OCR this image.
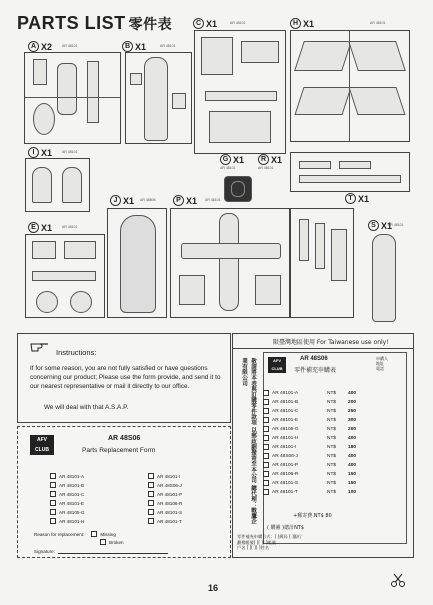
PARTS LIST 零件表
A X2	AR 48101	B X1	AR 48101
C X1	AR 48101	H X1	AR 48101
I X1	AR 48101
G X1
AR 48101
R X1
AR 48101
J X1 AR 48806	P X1 AR 48101	T X1
E X1	AR 48101	S X1
AR 48101
Instructions:
If for some reason, you are not fully satisfied or have questions concerning our product; Please use the form provide, and send it to our nearest representative or mail it directly to our office.
We will deal with that A.S.A.P.
AFV CLUB
AR 48S06
Parts Replacement Form
AR 48101-A
AR 48101-B
AR 48101-C
AR 48101-E
AR 48105-G
AR 48101-H
AR 48101-I
AR 48S06-J
AR 48101-P
AR 48106-R
AR 48101-S
AR 48101-T
Reason for replacement:	Missing
Broken
Signature:
限臺灣地區使用 For Taiwanese use only!
AFV CLUB
AR 48S06
零件補充申購表
申購人
地址
電話
敬請將本表與訂購零件款項 以郵政劃撥寄至本公司 總代理：戰鷹企業有限公司
AR 48101-A	NT$	400
AR 48101-B	NT$	200
AR 48101-C	NT$	250
AR 48101-E	NT$	300
AR 48105-G	NT$	200
AR 48101-H	NT$	400
AR 48101-I	NT$	180
AR 48S06-J	NT$	400
AR 48101-P	NT$	400
AR 48106-R	NT$	150
AR 48101-S	NT$	150
AR 48101-T	NT$	100
+郵寄費 NT$ 80
( 購補 )總計NT$
零件補充申購方式：[ ]郵局 [ ]銀行
劃撥帳號[ ][ ][ ]帳號
戶名 [ ][ ][ ]姓名
16
